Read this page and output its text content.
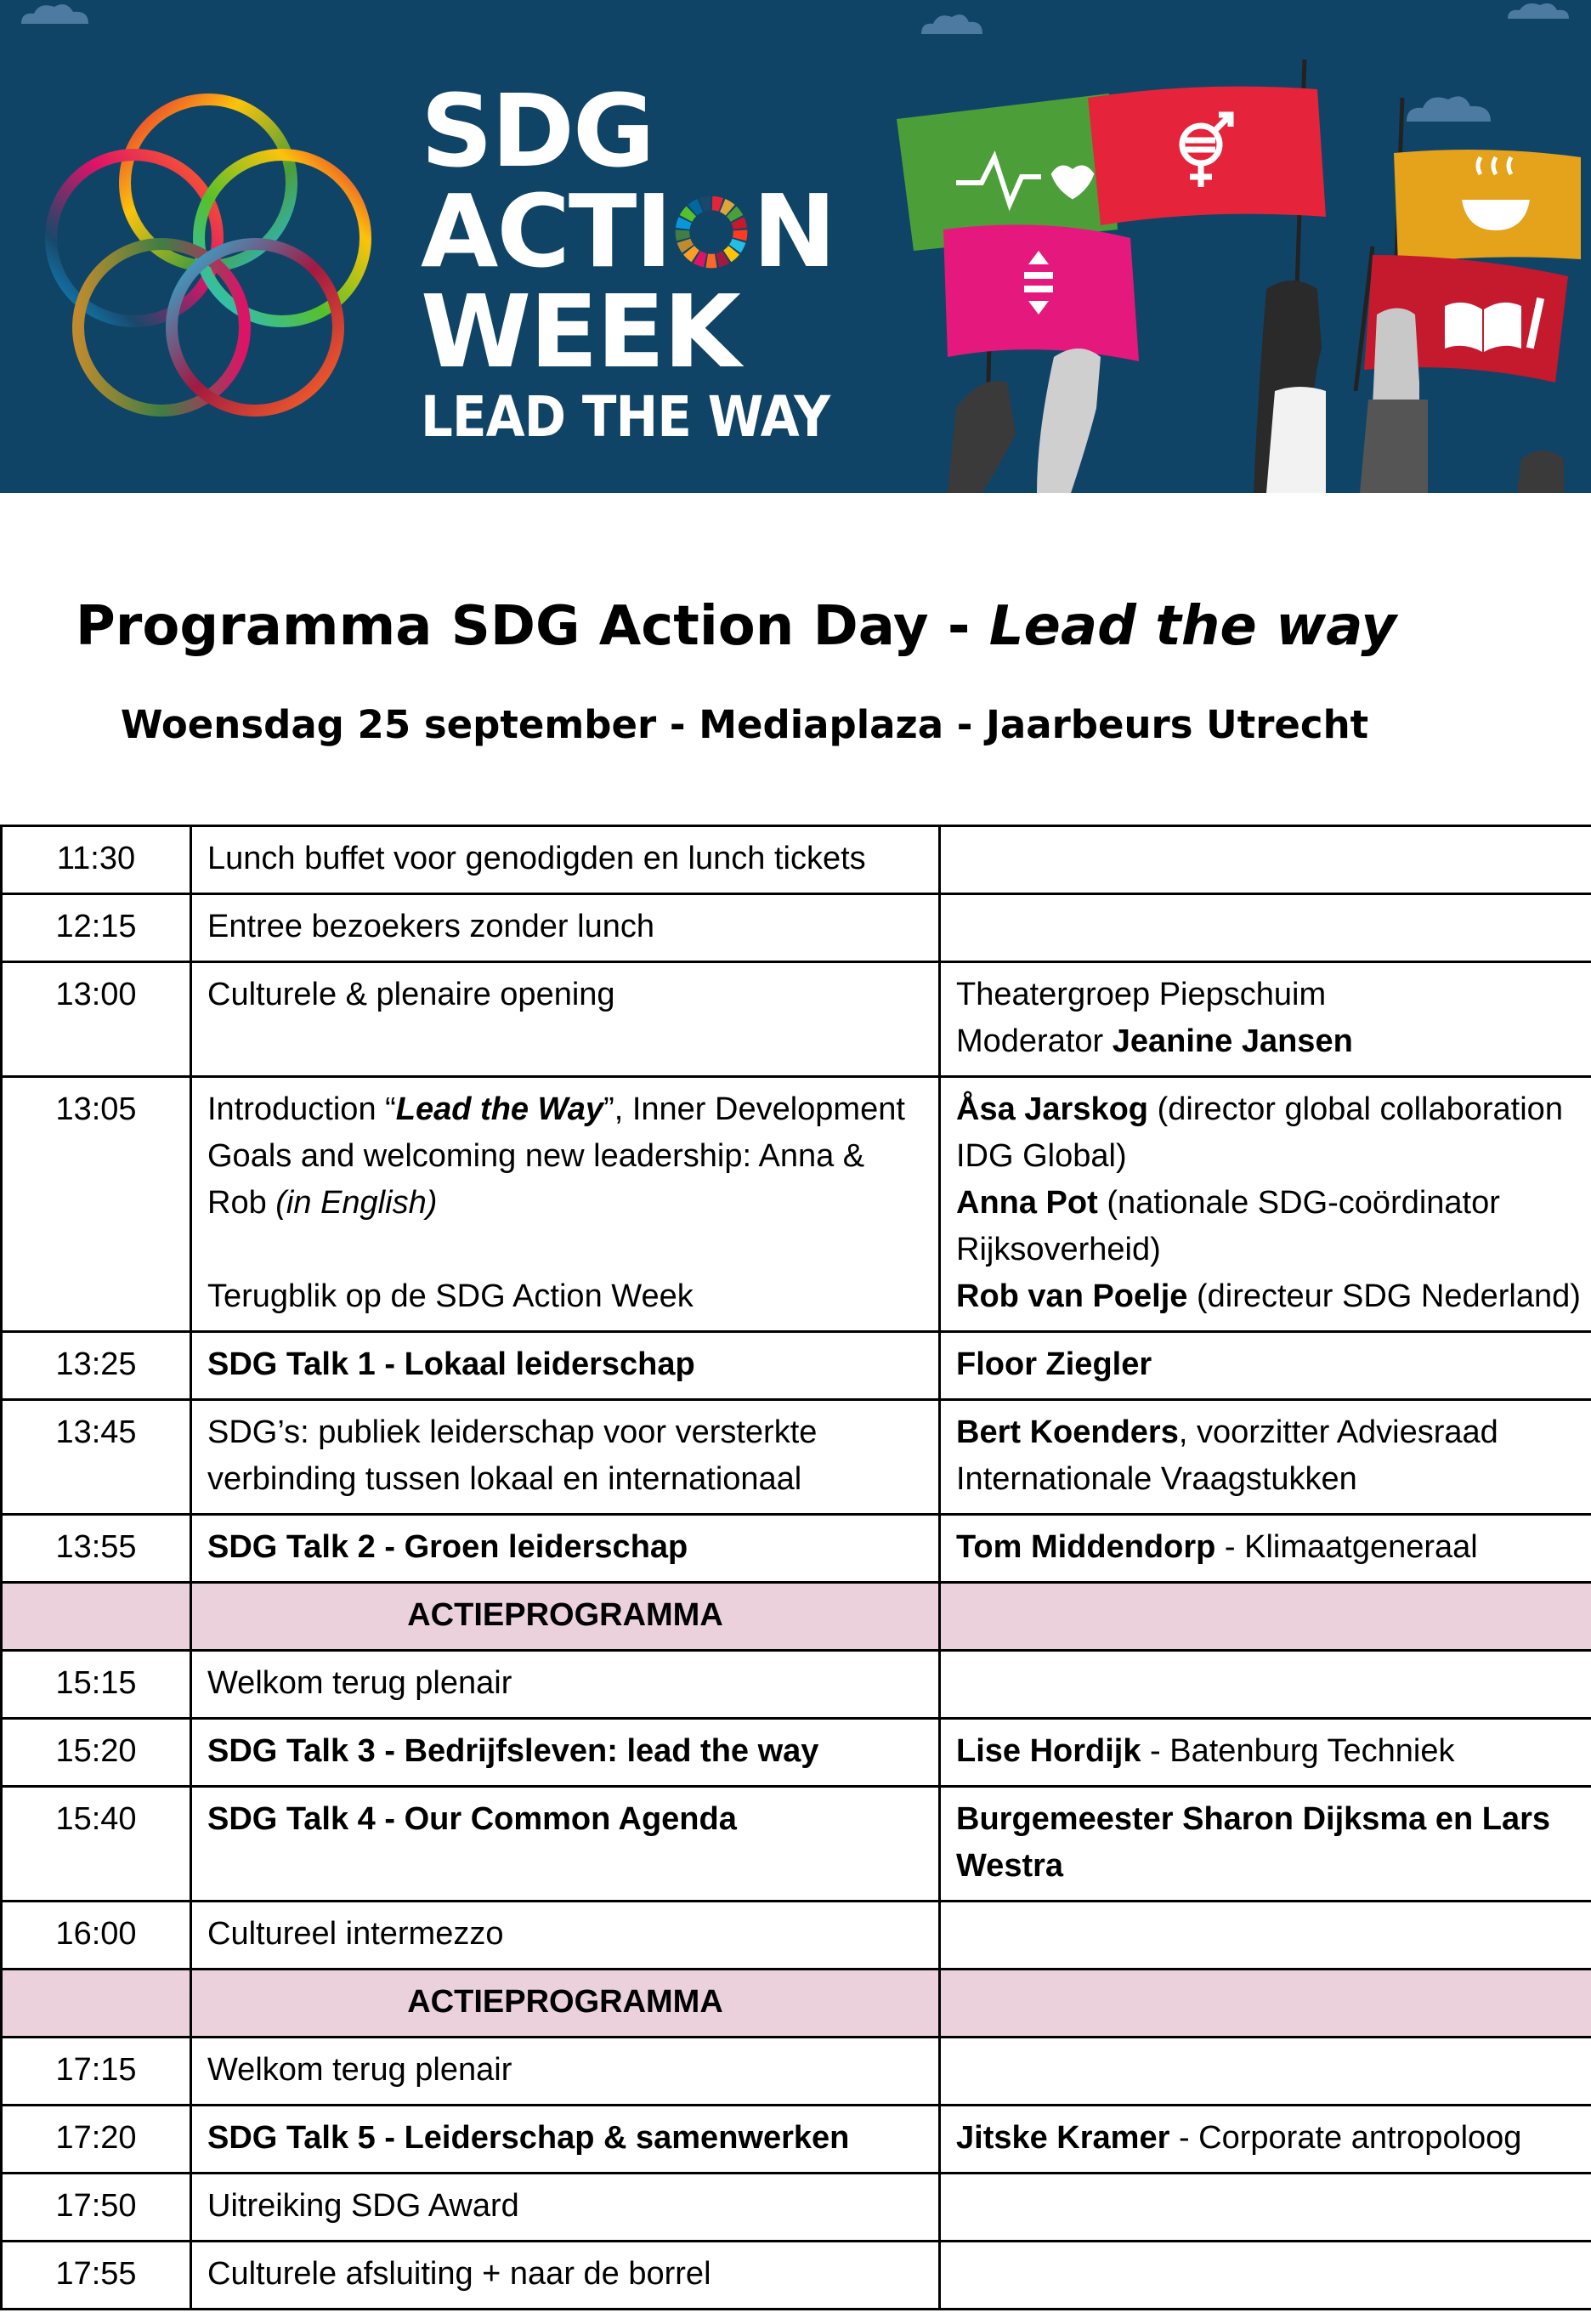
SDG
ACTI N
WEEK
LEAD THE WAY
Programma SDG Action Day - Lead the way
Woensdag 25 september - Mediaplaza - Jaarbeurs Utrecht
11:30	Lunch buffet voor genodigden en lunch tickets	
12:15	Entree bezoekers zonder lunch	
13:00	Culturele & plenaire opening	Theatergroep Piepschuim
Moderator Jeanine Jansen
13:05	Introduction “Lead the Way”, Inner Development Goals and welcoming new leadership: Anna & Rob (in English)
Terugblik op de SDG Action Week	Åsa Jarskog (director global collaboration IDG Global)
Anna Pot (nationale SDG-coördinator Rijksoverheid)
Rob van Poelje (directeur SDG Nederland)
13:25	SDG Talk 1 - Lokaal leiderschap	Floor Ziegler
13:45	SDG’s: publiek leiderschap voor versterkte verbinding tussen lokaal en internationaal	Bert Koenders, voorzitter Adviesraad Internationale Vraagstukken
13:55	SDG Talk 2 - Groen leiderschap	Tom Middendorp - Klimaatgeneraal
	ACTIEPROGRAMMA	
15:15	Welkom terug plenair	
15:20	SDG Talk 3 - Bedrijfsleven: lead the way	Lise Hordijk - Batenburg Techniek
15:40	SDG Talk 4 - Our Common Agenda	Burgemeester Sharon Dijksma en Lars Westra
16:00	Cultureel intermezzo	
	ACTIEPROGRAMMA	
17:15	Welkom terug plenair	
17:20	SDG Talk 5 - Leiderschap & samenwerken	Jitske Kramer - Corporate antropoloog
17:50	Uitreiking SDG Award	
17:55	Culturele afsluiting + naar de borrel	
